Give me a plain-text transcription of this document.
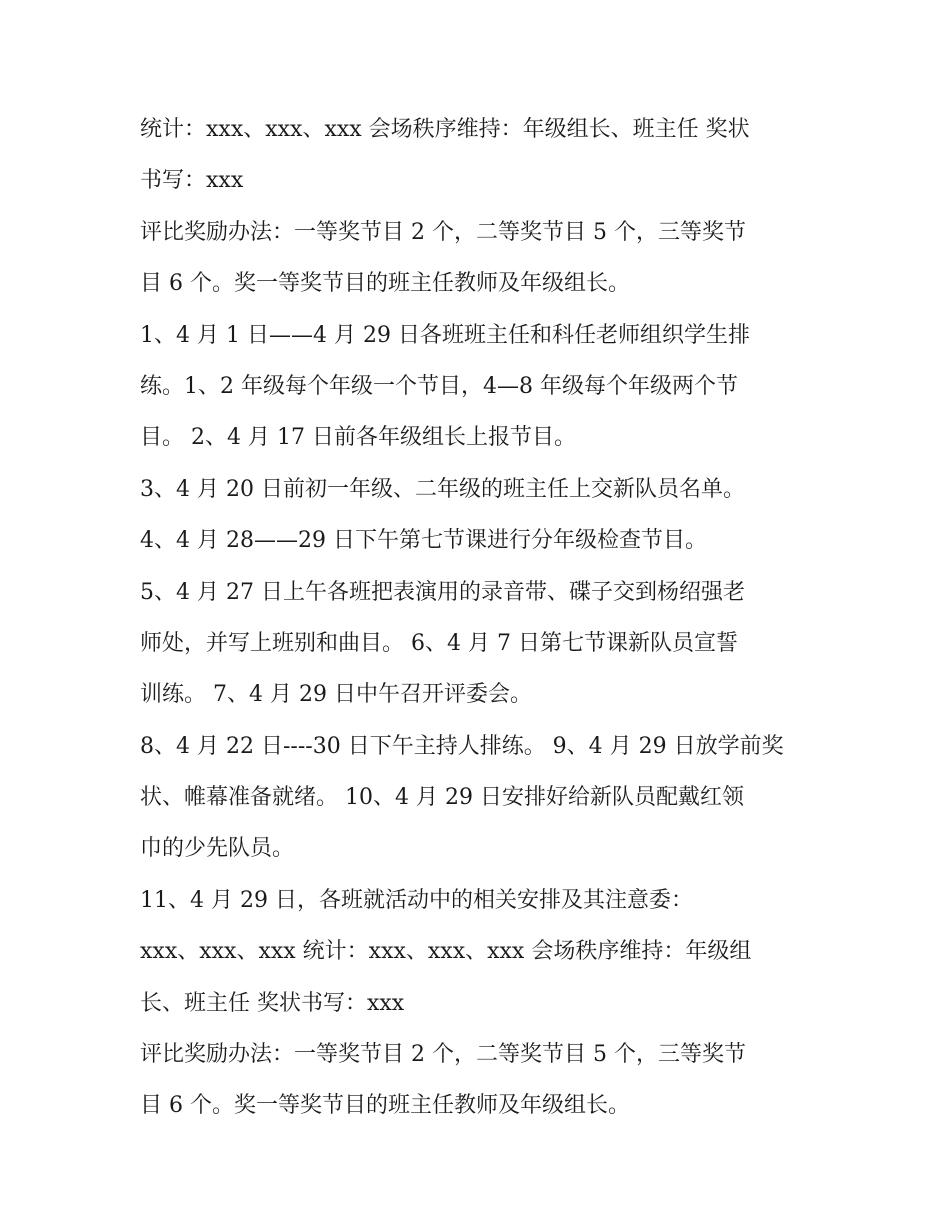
统计：xxx、xxx、xxx 会场秩序维持：年级组长、班主任 奖状

书写：xxx

评比奖励办法：一等奖节目 2 个，二等奖节目 5 个，三等奖节

目 6 个。奖一等奖节目的班主任教师及年级组长。

1、4 月 1 日——4 月 29 日各班班主任和科任老师组织学生排

练。1、2 年级每个年级一个节目，4—8 年级每个年级两个节

目。 2、4 月 17 日前各年级组长上报节目。

3、4 月 20 日前初一年级、二年级的班主任上交新队员名单。

4、4 月 28——29 日下午第七节课进行分年级检查节目。

5、4 月 27 日上午各班把表演用的录音带、碟子交到杨绍强老

师处，并写上班别和曲目。 6、4 月 7 日第七节课新队员宣誓

训练。 7、4 月 29 日中午召开评委会。

8、4 月 22 日----30 日下午主持人排练。 9、4 月 29 日放学前奖

状、帷幕准备就绪。 10、4 月 29 日安排好给新队员配戴红领

巾的少先队员。

11、4 月 29 日，各班就活动中的相关安排及其注意委：

xxx、xxx、xxx 统计：xxx、xxx、xxx 会场秩序维持：年级组

长、班主任 奖状书写：xxx

评比奖励办法：一等奖节目 2 个，二等奖节目 5 个，三等奖节

目 6 个。奖一等奖节目的班主任教师及年级组长。
